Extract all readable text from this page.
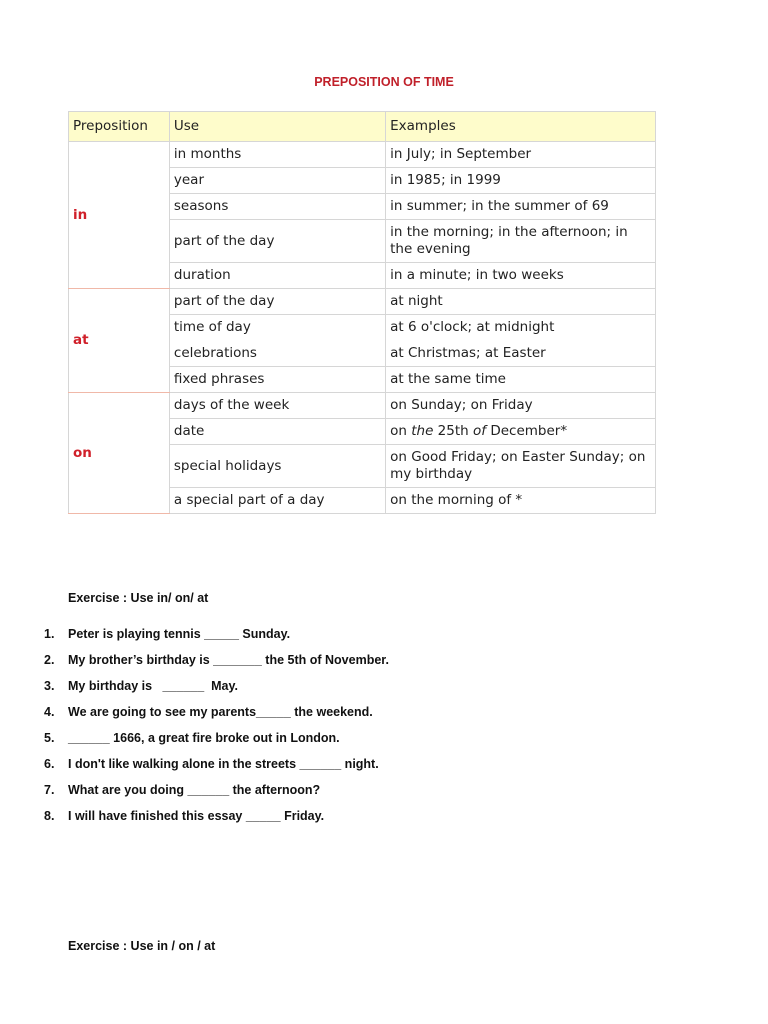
PREPOSITION OF TIME
Preposition	Use	Examples
in	in months	in July; in September
	year	in 1985; in 1999
	seasons	in summer; in the summer of 69
	part of the day	in the morning; in the afternoon; in the evening
	duration	in a minute; in two weeks
at	part of the day	at night
	time of day	at 6 o'clock; at midnight
	celebrations	at Christmas; at Easter
	fixed phrases	at the same time
on	days of the week	on Sunday; on Friday
	date	on the 25th of December*
	special holidays	on Good Friday; on Easter Sunday; on my birthday
	a special part of a day	on the morning of *
Exercise : Use in/ on/ at
1.	Peter is playing tennis _____ Sunday.
2.	My brother’s birthday is _______ the 5th of November.
3.	My birthday is   ______  May.
4.	We are going to see my parents_____ the weekend.
5.	______ 1666, a great fire broke out in London.
6.	I don't like walking alone in the streets ______ night.
7.	What are you doing ______ the afternoon?
8.	I will have finished this essay _____ Friday.
Exercise : Use in / on / at
